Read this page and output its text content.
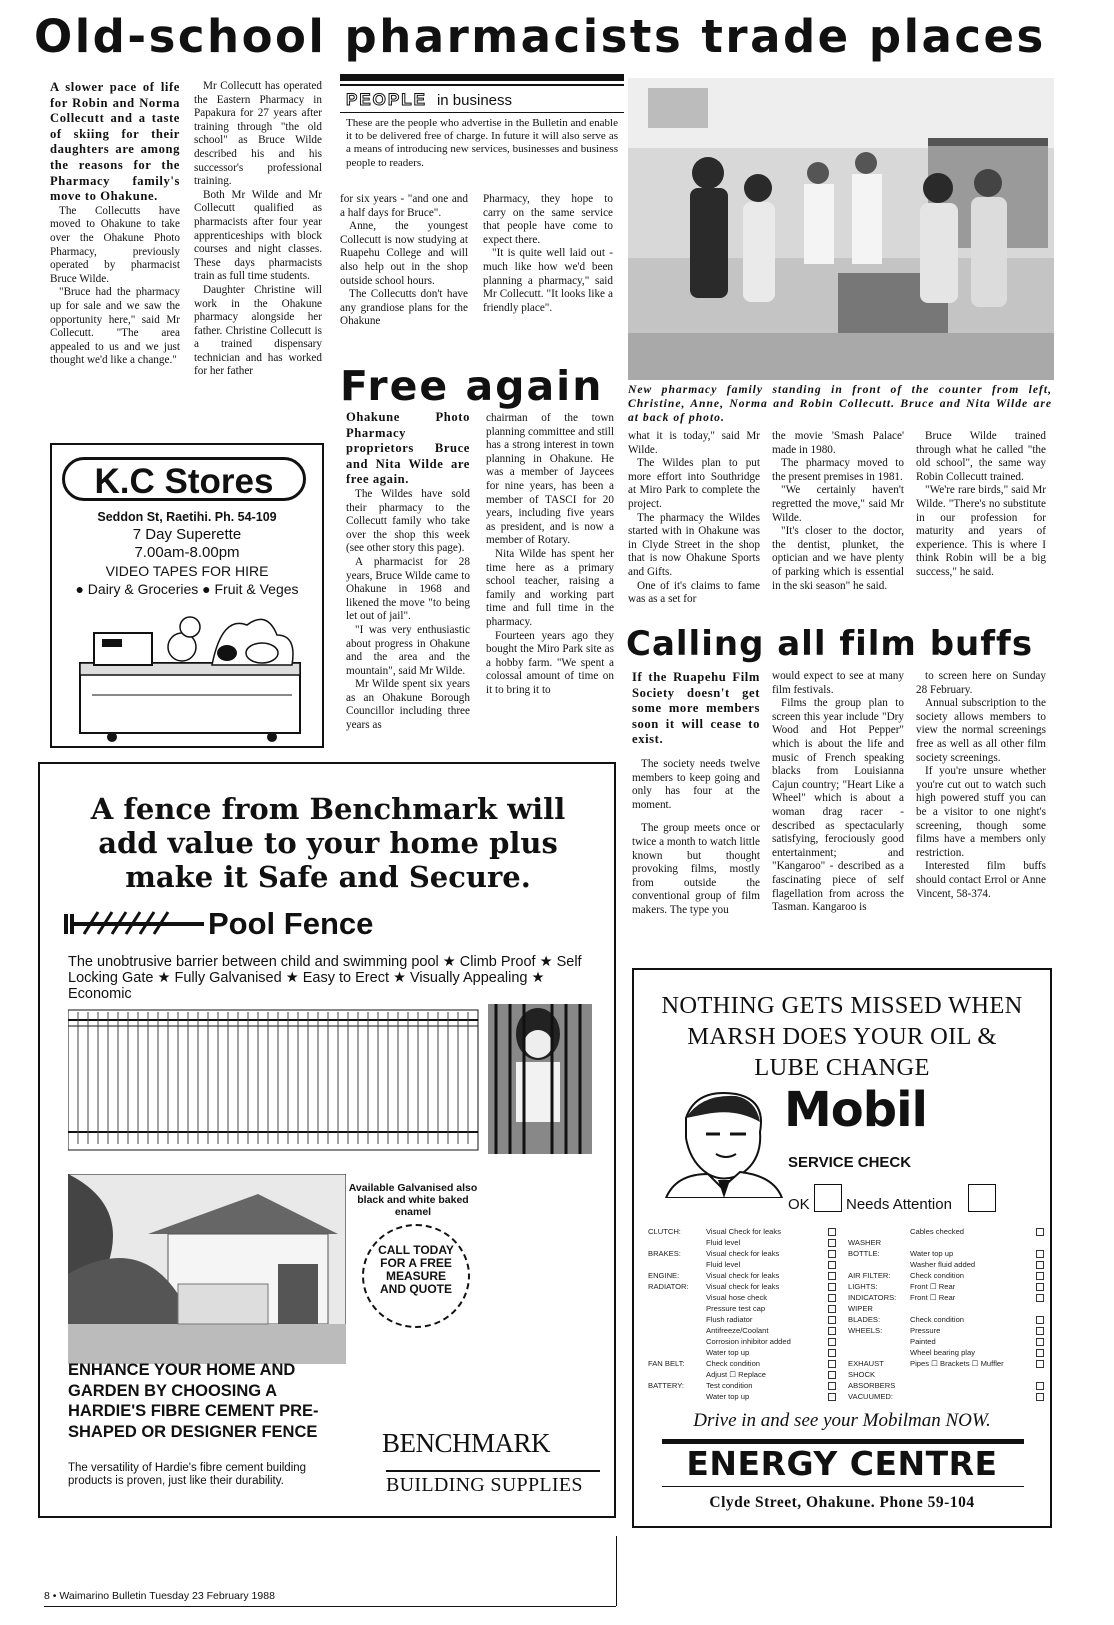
Old-school pharmacists trade places
A slower pace of life for Robin and Norma Collecutt and a taste of skiing for their daughters are among the reasons for the Pharmacy family's move to Ohakune.

The Collecutts have moved to Ohakune to take over the Ohakune Photo Pharmacy, previously operated by pharmacist Bruce Wilde.

"Bruce had the pharmacy up for sale and we saw the opportunity here," said Mr Collecutt. "The area appealed to us and we just thought we'd like a change."

Mr Collecutt has operated the Eastern Pharmacy in Papakura for 27 years after training through "the old school" as Bruce Wilde described his and his successor's professional training.

Both Mr Wilde and Mr Collecutt qualified as pharmacists after four year apprenticeships with block courses and night classes. These days pharmacists train as full time students.

Daughter Christine will work in the Ohakune pharmacy alongside her father. Christine Collecutt is a trained dispensary technician and has worked for her father

PEOPLE in business
These are the people who advertise in the Bulletin and enable it to be delivered free of charge. In future it will also serve as a means of introducing new services, businesses and business people to readers.

for six years - "and one and a half days for Bruce".

Anne, the youngest Collecutt is now studying at Ruapehu College and will also help out in the shop outside school hours.

The Collecutts don't have any grandiose plans for the Ohakune

Pharmacy, they hope to carry on the same service that people have come to expect there.

"It is quite well laid out - much like how we'd been planning a pharmacy," said Mr Collecutt. "It looks like a friendly place".

New pharmacy family standing in front of the counter from left, Christine, Anne, Norma and Robin Collecutt. Bruce and Nita Wilde are at back of photo.
Free again
Ohakune Photo Pharmacy proprietors Bruce and Nita Wilde are free again.

The Wildes have sold their pharmacy to the Collecutt family who take over the shop this week (see other story this page).

A pharmacist for 28 years, Bruce Wilde came to Ohakune in 1968 and likened the move "to being let out of jail".

"I was very enthusiastic about progress in Ohakune and the area and the mountain", said Mr Wilde.

Mr Wilde spent six years as an Ohakune Borough Councillor including three years as

chairman of the town planning committee and still has a strong interest in town planning in Ohakune. He was a member of Jaycees for nine years, has been a member of TASCI for 20 years, including five years as president, and is now a member of Rotary.

Nita Wilde has spent her time here as a primary school teacher, raising a family and working part time and full time in the pharmacy.

Fourteen years ago they bought the Miro Park site as a hobby farm. "We spent a colossal amount of time on it to bring it to

what it is today," said Mr Wilde.

The Wildes plan to put more effort into Southridge at Miro Park to complete the project.

The pharmacy the Wildes started with in Ohakune was in Clyde Street in the shop that is now Ohakune Sports and Gifts.

One of it's claims to fame was as a set for

the movie 'Smash Palace' made in 1980.

The pharmacy moved to the present premises in 1981.

"We certainly haven't regretted the move," said Mr Wilde.

"It's closer to the doctor, the dentist, plunket, the optician and we have plenty of parking which is essential in the ski season" he said.

Bruce Wilde trained through what he called "the old school", the same way Robin Collecutt trained.

"We're rare birds," said Mr Wilde. "There's no substitute in our profession for maturity and years of experience. This is where I think Robin will be a big success," he said.

Calling all film buffs
If the Ruapehu Film Society doesn't get some more members soon it will cease to exist.

The society needs twelve members to keep going and only has four at the moment.

The group meets once or twice a month to watch little known but thought provoking films, mostly from outside the conventional group of film makers. The type you

would expect to see at many film festivals.

Films the group plan to screen this year include "Dry Wood and Hot Pepper" which is about the life and music of French speaking blacks from Louisianna Cajun country; "Heart Like a Wheel" which is about a woman drag racer - described as spectacularly satisfying, ferociously good entertainment; and "Kangaroo" - described as a fascinating piece of self flagellation from across the Tasman. Kangaroo is

to screen here on Sunday 28 February.

Annual subscription to the society allows members to view the normal screenings free as well as all other film society screenings.

If you're unsure whether you're cut out to watch such high powered stuff you can be a visitor to one night's screening, though some films have a members only restriction.

Interested film buffs should contact Errol or Anne Vincent, 58-374.

K.C Stores
Seddon St, Raetihi. Ph. 54-109
7 Day Superette
7.00am-8.00pm
VIDEO TAPES FOR HIRE
● Dairy & Groceries ● Fruit & Veges
A fence from Benchmark will add value to your home plus make it Safe and Secure.
Pool Fence
The unobtrusive barrier between child and swimming pool ★ Climb Proof ★ Self Locking Gate ★ Fully Galvanised ★ Easy to Erect ★ Visually Appealing ★ Economic
Available Galvanised also black and white baked enamel
CALL TODAY FOR A FREE MEASURE AND QUOTE
ENHANCE YOUR HOME AND GARDEN BY CHOOSING A HARDIE'S FIBRE CEMENT PRE-SHAPED OR DESIGNER FENCE
The versatility of Hardie's fibre cement building products is proven, just like their durability.
BENCHMARK
BUILDING SUPPLIES
NOTHING GETS MISSED WHEN MARSH DOES YOUR OIL & LUBE CHANGE
Mobil
SERVICE CHECK
OK Needs Attention
CLUTCH:
BRAKES:
ENGINE:
RADIATOR:
FAN BELT:
BATTERY:
Visual Check for leaks
Fluid level
Visual check for leaks
Fluid level
Visual check for leaks
Visual check for leaks
Visual hose check
Pressure test cap
Flush radiator
Antifreeze/Coolant
Corrosion inhibitor added
Water top up
Check condition
Adjust ☐ Replace
Test condition
Water top up
WASHER BOTTLE:
AIR FILTER:
LIGHTS:
INDICATORS:
WIPER BLADES:
WHEELS:
EXHAUST SHOCK ABSORBERS
VACUUMED:
Cables checked
Water top up
Washer fluid added
Check condition
Front ☐ Rear
Front ☐ Rear
Check condition
Pressure
Painted
Wheel bearing play
Pipes ☐ Brackets ☐ Muffler
Drive in and see your Mobilman NOW.
ENERGY CENTRE
Clyde Street, Ohakune. Phone 59-104
8 • Waimarino Bulletin Tuesday 23 February 1988
